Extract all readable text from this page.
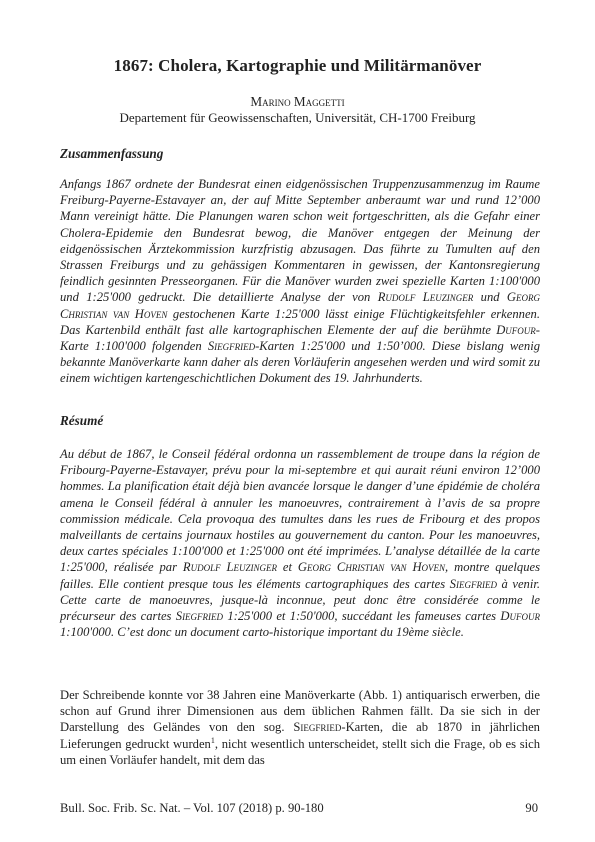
1867: Cholera, Kartographie und Militärmanöver
Marino Maggetti
Departement für Geowissenschaften, Universität, CH-1700 Freiburg
Zusammenfassung

Anfangs 1867 ordnete der Bundesrat einen eidgenössischen Truppenzusammenzug im Raume Freiburg-Payerne-Estavayer an, der auf Mitte September anberaumt war und rund 12’000 Mann vereinigt hätte. Die Planungen waren schon weit fortgeschritten, als die Gefahr einer Cholera-Epidemie den Bundesrat bewog, die Manöver entgegen der Meinung der eidgenössischen Ärztekommission kurzfristig abzusagen. Das führte zu Tumulten auf den Strassen Freiburgs und zu gehässigen Kommentaren in gewissen, der Kantonsregierung feindlich gesinnten Presseorganen. Für die Manöver wurden zwei spezielle Karten 1:100'000 und 1:25'000 gedruckt. Die detaillierte Analyse der von Rudolf Leuzinger und Georg Christian van Hoven gestochenen Karte 1:25'000 lässt einige Flüchtigkeitsfehler erkennen. Das Kartenbild enthält fast alle kartographischen Elemente der auf die berühmte Dufour-Karte 1:100'000 folgenden Siegfried-Karten 1:25'000 und 1:50’000. Diese bislang wenig bekannte Manöverkarte kann daher als deren Vorläuferin angesehen werden und wird somit zu einem wichtigen kartengeschichtlichen Dokument des 19. Jahrhunderts.

Résumé

Au début de 1867, le Conseil fédéral ordonna un rassemblement de troupe dans la région de Fribourg-Payerne-Estavayer, prévu pour la mi-septembre et qui aurait réuni environ 12’000 hommes. La planification était déjà bien avancée lorsque le danger d’une épidémie de choléra amena le Conseil fédéral à annuler les manoeuvres, contrairement à l’avis de sa propre commission médicale. Cela provoqua des tumultes dans les rues de Fribourg et des propos malveillants de certains journaux hostiles au gouvernement du canton. Pour les manoeuvres, deux cartes spéciales 1:100'000 et 1:25'000 ont été imprimées. L’analyse détaillée de la carte 1:25'000, réalisée par Rudolf Leuzinger et Georg Christian van Hoven, montre quelques failles. Elle contient presque tous les éléments cartographiques des cartes Siegfried à venir. Cette carte de manoeuvres, jusque-là inconnue, peut donc être considérée comme le précurseur des cartes Siegfried 1:25'000 et 1:50'000, succédant les fameuses cartes Dufour 1:100'000. C’est donc un document carto-historique important du 19ème siècle.

Der Schreibende konnte vor 38 Jahren eine Manöverkarte (Abb. 1) antiquarisch erwerben, die schon auf Grund ihrer Dimensionen aus dem üblichen Rahmen fällt. Da sie sich in der Darstellung des Geländes von den sog. Siegfried-Karten, die ab 1870 in jährlichen Lieferungen gedruckt wurden$^1$, nicht wesentlich unterscheidet, stellt sich die Frage, ob es sich um einen Vorläufer handelt, mit dem das

Bull. Soc. Frib. Sc. Nat. – Vol. 107 (2018) p. 90-180	90
